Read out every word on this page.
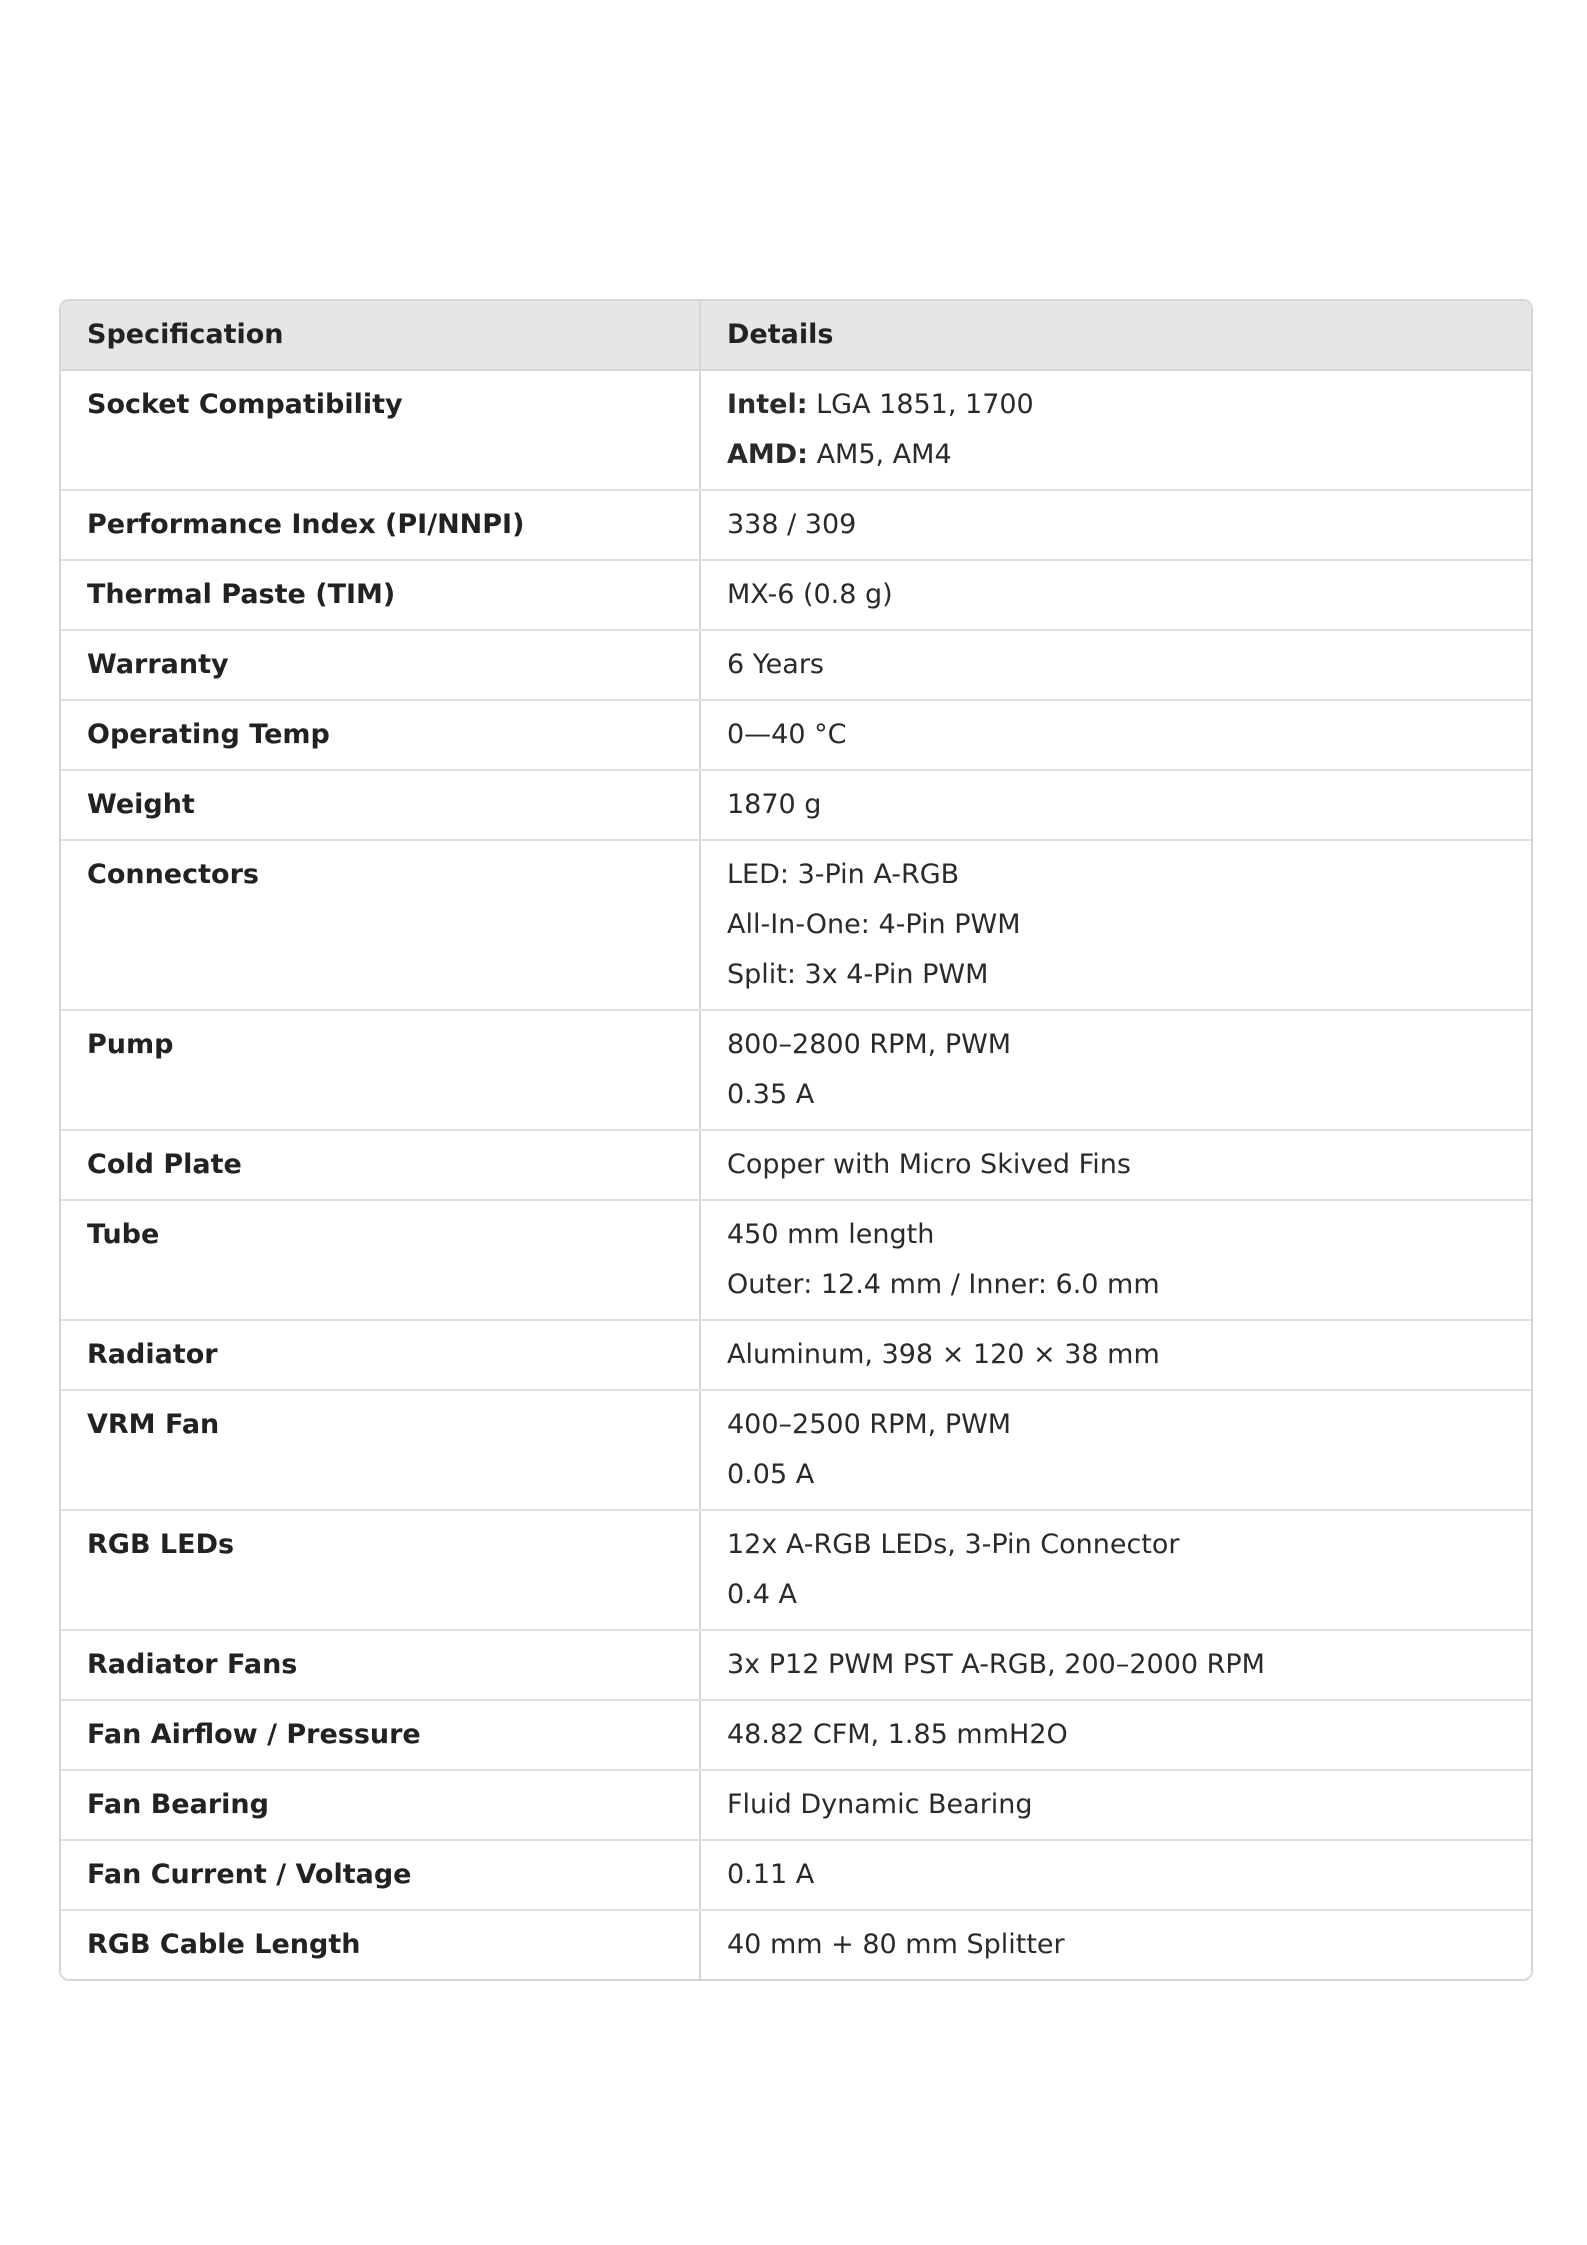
Specification	Details
Socket Compatibility	Intel: LGA 1851, 1700
AMD: AM5, AM4

Performance Index (PI/NNPI)	338 / 309

Thermal Paste (TIM)	MX-6 (0.8 g)

Warranty	6 Years

Operating Temp	0—40 °C

Weight	1870 g

Connectors	LED: 3-Pin A-RGB
All-In-One: 4-Pin PWM
Split: 3x 4-Pin PWM

Pump	800–2800 RPM, PWM
0.35 A

Cold Plate	Copper with Micro Skived Fins

Tube	450 mm length
Outer: 12.4 mm / Inner: 6.0 mm

Radiator	Aluminum, 398 × 120 × 38 mm

VRM Fan	400–2500 RPM, PWM
0.05 A

RGB LEDs	12x A-RGB LEDs, 3-Pin Connector
0.4 A

Radiator Fans	3x P12 PWM PST A-RGB, 200–2000 RPM

Fan Airflow / Pressure	48.82 CFM, 1.85 mmH2O

Fan Bearing	Fluid Dynamic Bearing

Fan Current / Voltage	0.11 A

RGB Cable Length	40 mm + 80 mm Splitter
